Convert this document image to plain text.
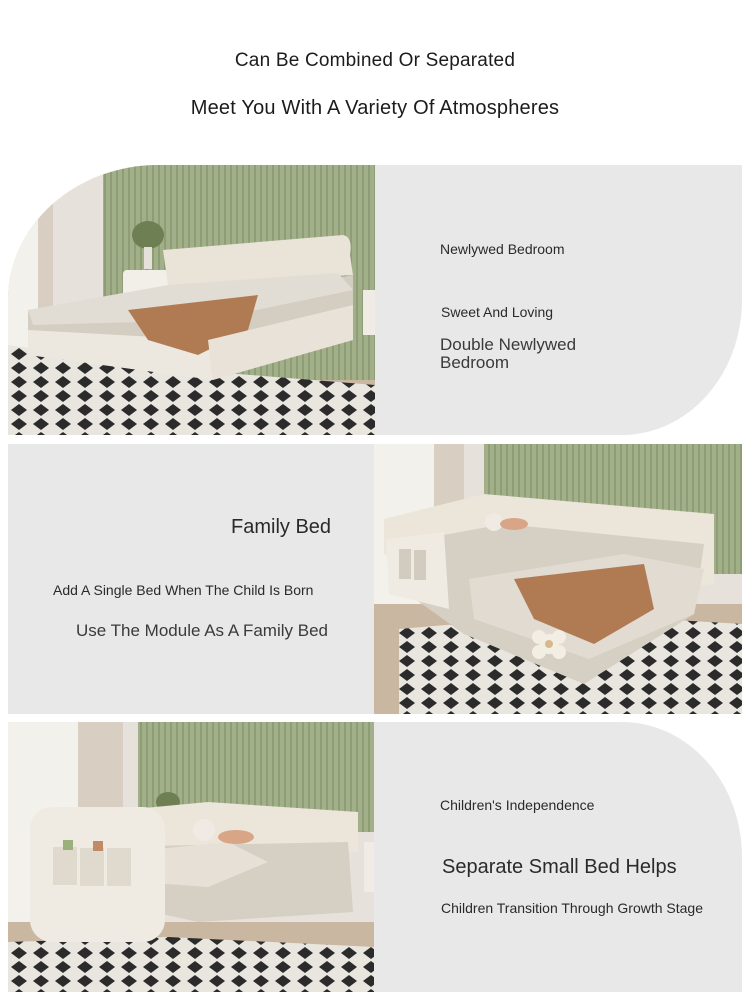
Can Be Combined Or Separated
Meet You With A Variety Of Atmospheres
Newlywed Bedroom
Sweet And Loving
Double Newlywed
Bedroom
Family Bed
Add A Single Bed When The Child Is Born
Use The Module As A Family Bed
Children's Independence
Separate Small Bed Helps
Children Transition Through Growth Stage
